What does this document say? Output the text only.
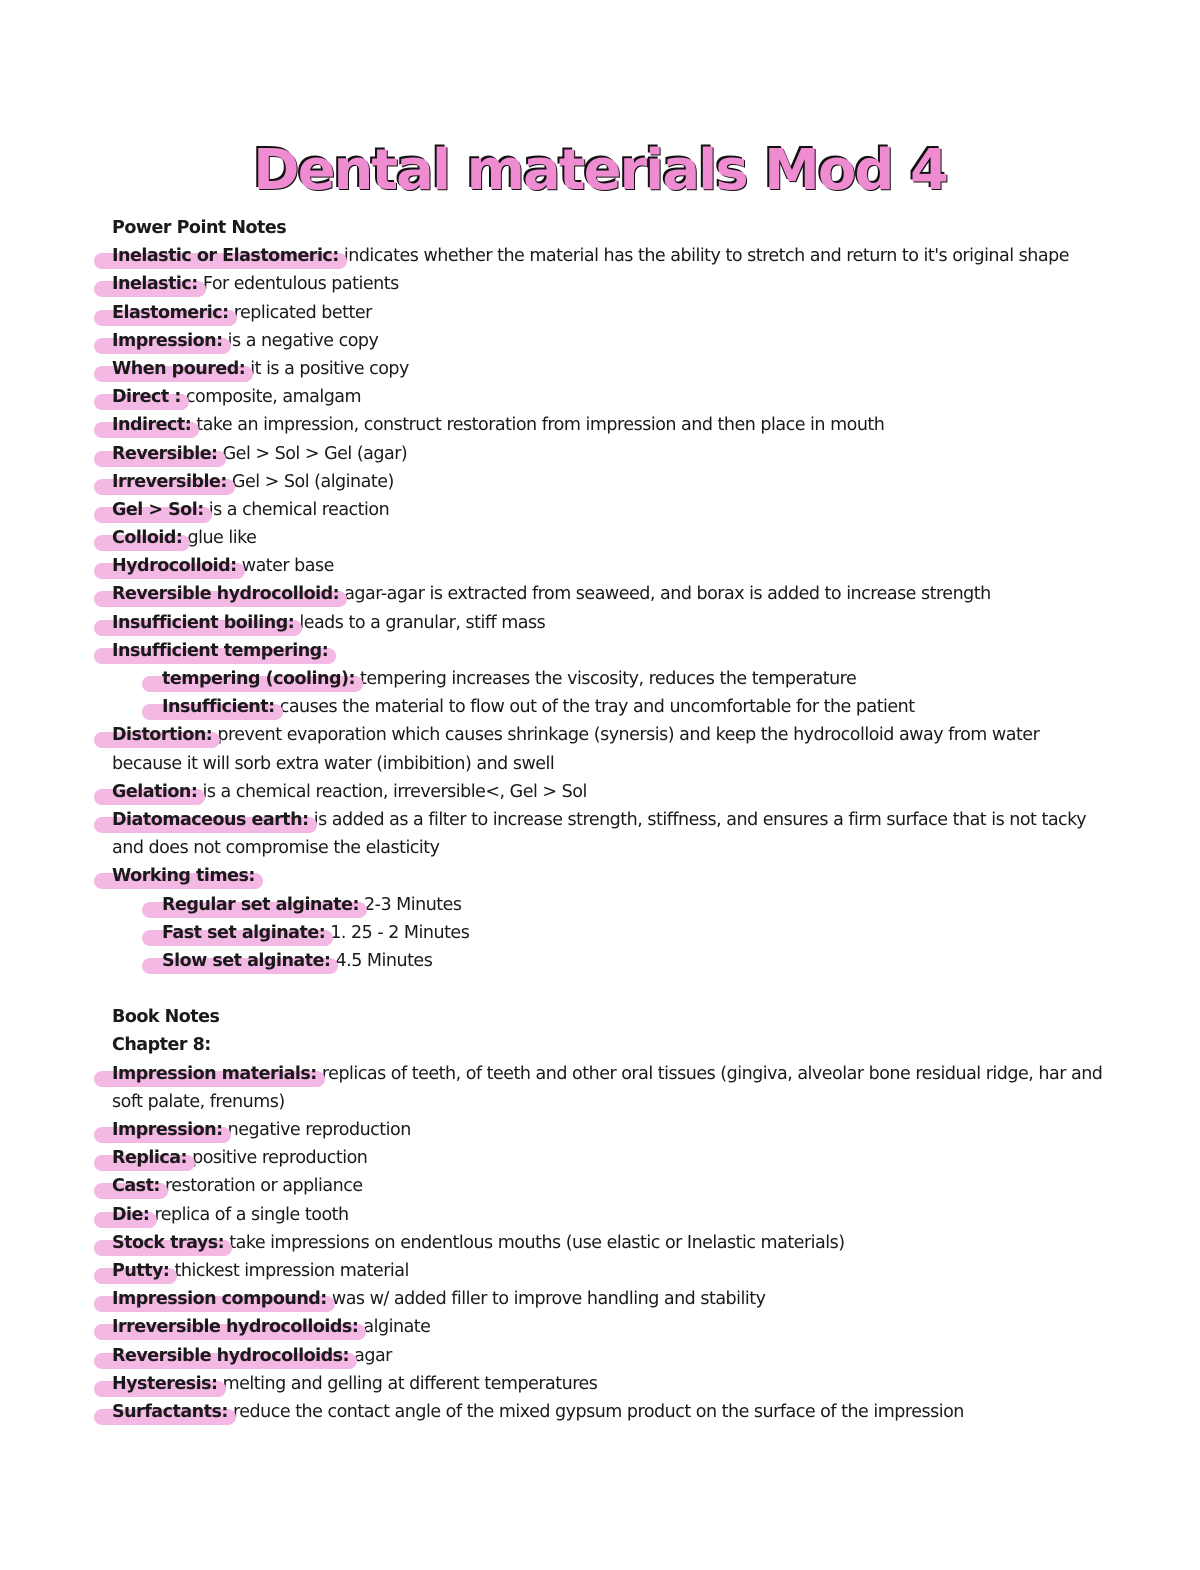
Dental materials Mod 4
Power Point Notes
Inelastic or Elastomeric: indicates whether the material has the ability to stretch and return to it's original shape
Inelastic: For edentulous patients
Elastomeric: replicated better
Impression: is a negative copy
When poured: it is a positive copy
Direct : composite, amalgam
Indirect: take an impression, construct restoration from impression and then place in mouth
Reversible: Gel > Sol > Gel (agar)
Irreversible: Gel > Sol (alginate)
Gel > Sol: is a chemical reaction
Colloid: glue like
Hydrocolloid: water base
Reversible hydrocolloid: agar-agar is extracted from seaweed, and borax is added to increase strength
Insufficient boiling: leads to a granular, stiff mass
Insufficient tempering:
tempering (cooling): tempering increases the viscosity, reduces the temperature
Insufficient: causes the material to flow out of the tray and uncomfortable for the patient
Distortion: prevent evaporation which causes shrinkage (synersis) and keep the hydrocolloid away from water
because it will sorb extra water (imbibition) and swell
Gelation: is a chemical reaction, irreversible<, Gel > Sol
Diatomaceous earth: is added as a filter to increase strength, stiffness, and ensures a firm surface that is not tacky
and does not compromise the elasticity
Working times:
Regular set alginate: 2-3 Minutes
Fast set alginate: 1. 25 - 2 Minutes
Slow set alginate: 4.5 Minutes
Book Notes
Chapter 8:
Impression materials: replicas of teeth, of teeth and other oral tissues (gingiva, alveolar bone residual ridge, har and
soft palate, frenums)
Impression: negative reproduction
Replica: positive reproduction
Cast: restoration or appliance
Die: replica of a single tooth
Stock trays: take impressions on endentlous mouths (use elastic or Inelastic materials)
Putty: thickest impression material
Impression compound: was w/ added filler to improve handling and stability
Irreversible hydrocolloids: alginate
Reversible hydrocolloids: agar
Hysteresis: melting and gelling at different temperatures
Surfactants: reduce the contact angle of the mixed gypsum product on the surface of the impression
